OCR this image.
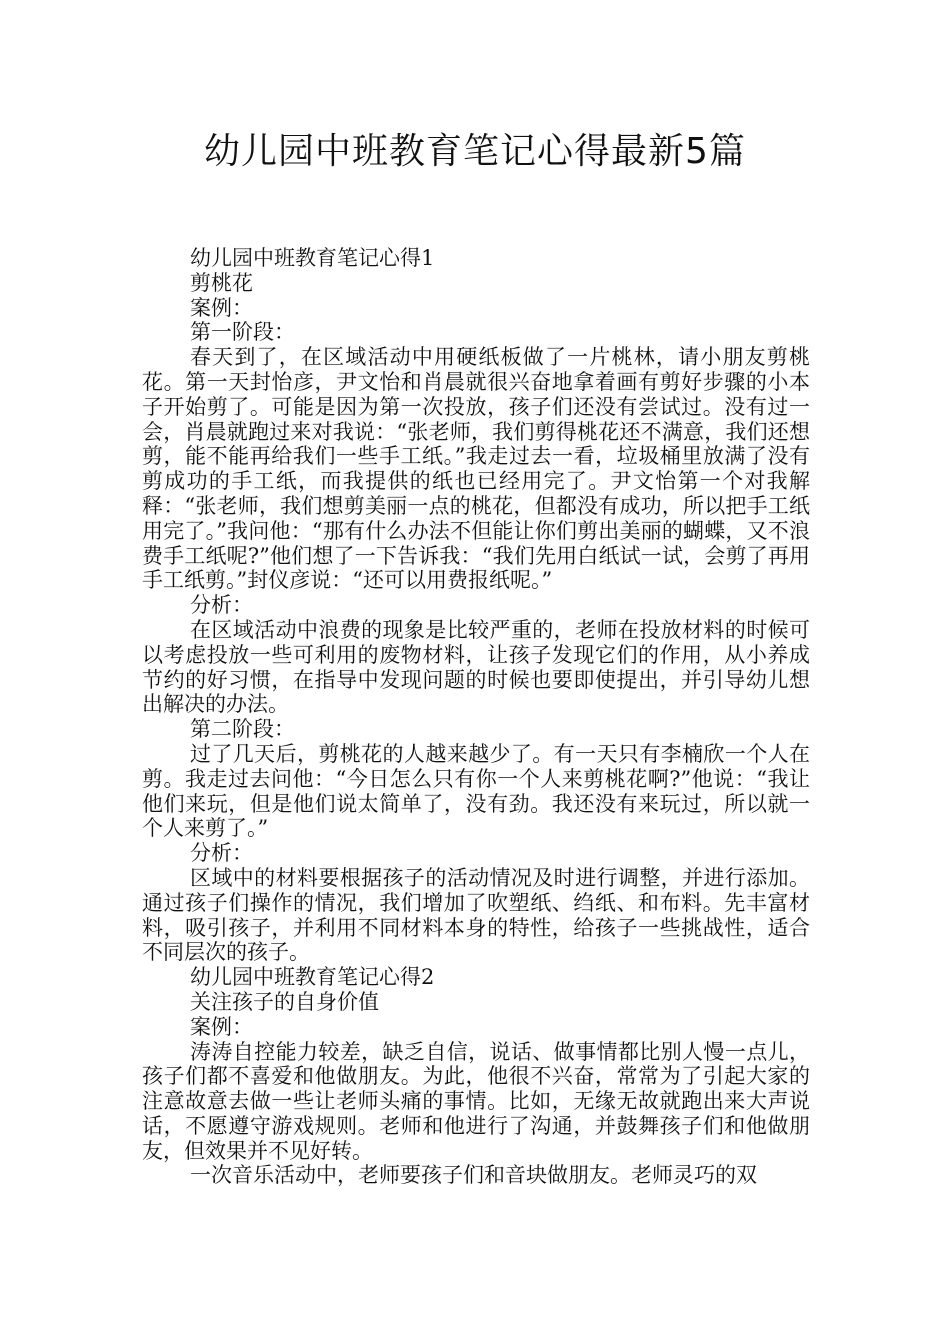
幼儿园中班教育笔记心得最新5篇

幼儿园中班教育笔记心得1

剪桃花

案例：

第一阶段：

春天到了，在区域活动中用硬纸板做了一片桃林，请小朋友剪桃花。第一天封怡彦，尹文怡和肖晨就很兴奋地拿着画有剪好步骤的小本子开始剪了。可能是因为第一次投放，孩子们还没有尝试过。没有过一会，肖晨就跑过来对我说：“张老师，我们剪得桃花还不满意，我们还想剪，能不能再给我们一些手工纸。”我走过去一看，垃圾桶里放满了没有剪成功的手工纸，而我提供的纸也已经用完了。尹文怡第一个对我解释：“张老师，我们想剪美丽一点的桃花，但都没有成功，所以把手工纸用完了。”我问他：“那有什么办法不但能让你们剪出美丽的蝴蝶，又不浪费手工纸呢?”他们想了一下告诉我：“我们先用白纸试一试，会剪了再用手工纸剪。”封仪彦说：“还可以用费报纸呢。”

分析：

在区域活动中浪费的现象是比较严重的，老师在投放材料的时候可以考虑投放一些可利用的废物材料，让孩子发现它们的作用，从小养成节约的好习惯，在指导中发现问题的时候也要即使提出，并引导幼儿想出解决的办法。

第二阶段：

过了几天后，剪桃花的人越来越少了。有一天只有李楠欣一个人在剪。我走过去问他：“今日怎么只有你一个人来剪桃花啊?”他说：“我让他们来玩，但是他们说太简单了，没有劲。我还没有来玩过，所以就一个人来剪了。”

分析：

区域中的材料要根据孩子的活动情况及时进行调整，并进行添加。通过孩子们操作的情况，我们增加了吹塑纸、绉纸、和布料。先丰富材料，吸引孩子，并利用不同材料本身的特性，给孩子一些挑战性，适合不同层次的孩子。

幼儿园中班教育笔记心得2

关注孩子的自身价值

案例：

涛涛自控能力较差，缺乏自信，说话、做事情都比别人慢一点儿，孩子们都不喜爱和他做朋友。为此，他很不兴奋，常常为了引起大家的注意故意去做一些让老师头痛的事情。比如，无缘无故就跑出来大声说话，不愿遵守游戏规则。老师和他进行了沟通，并鼓舞孩子们和他做朋友，但效果并不见好转。

一次音乐活动中，老师要孩子们和音块做朋友。老师灵巧的双
